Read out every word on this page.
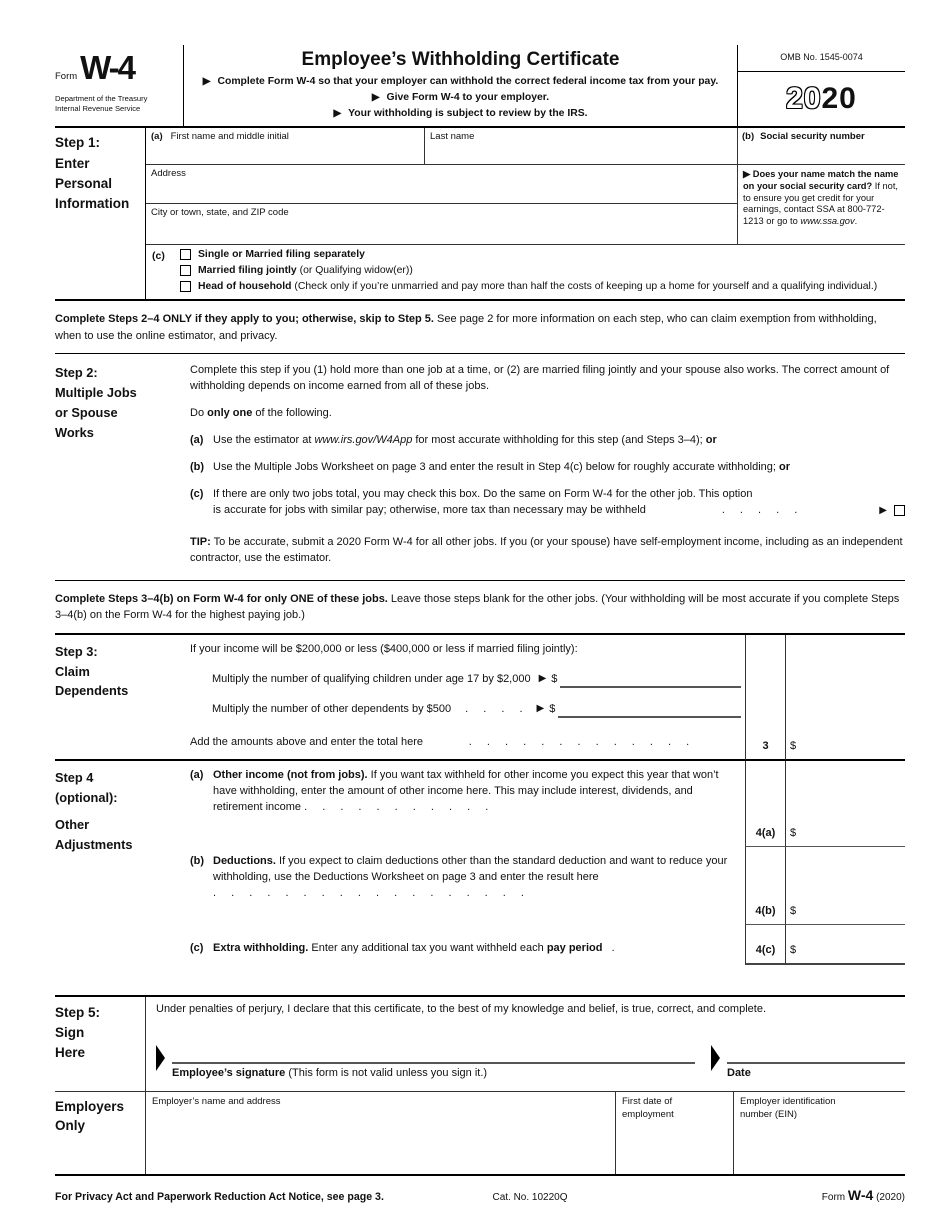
Form W-4
Department of the Treasury
Internal Revenue Service
Employee’s Withholding Certificate
▶ Complete Form W-4 so that your employer can withhold the correct federal income tax from your pay.
▶ Give Form W-4 to your employer.
▶ Your withholding is subject to review by the IRS.
OMB No. 1545-0074
20 20
Step 1:
Enter
Personal
Information
(a) First name and middle initial	Last name
Address
City or town, state, and ZIP code
(b) Social security number
▶ Does your name match the name on your social security card? If not, to ensure you get credit for your earnings, contact SSA at 800-772-1213 or go to www.ssa.gov.
(c)	Single or Married filing separately
Married filing jointly (or Qualifying widow(er))
Head of household (Check only if you’re unmarried and pay more than half the costs of keeping up a home for yourself and a qualifying individual.)
Complete Steps 2–4 ONLY if they apply to you; otherwise, skip to Step 5. See page 2 for more information on each step, who can claim exemption from withholding, when to use the online estimator, and privacy.
Step 2:
Multiple Jobs
or Spouse
Works

Complete this step if you (1) hold more than one job at a time, or (2) are married filing jointly and your spouse also works. The correct amount of withholding depends on income earned from all of these jobs.

Do only one of the following.

(a) Use the estimator at www.irs.gov/W4App for most accurate withholding for this step (and Steps 3–4); or
(b) Use the Multiple Jobs Worksheet on page 3 and enter the result in Step 4(c) below for roughly accurate withholding; or
(c) If there are only two jobs total, you may check this box. Do the same on Form W-4 for the other job. This option
is accurate for jobs with similar pay; otherwise, more tax than necessary may be withheld	. . . . .	▶

TIP: To be accurate, submit a 2020 Form W-4 for all other jobs. If you (or your spouse) have self-employment income, including as an independent contractor, use the estimator.

Complete Steps 3–4(b) on Form W-4 for only ONE of these jobs. Leave those steps blank for the other jobs. (Your withholding will be most accurate if you complete Steps 3–4(b) on the Form W-4 for the highest paying job.)
Step 3:
Claim
Dependents
If your income will be $200,000 or less ($400,000 or less if married filing jointly):
Multiply the number of qualifying children under age 17 by $2,000 ▶ $
Multiply the number of other dependents by $500 . . . . ▶ $
Add the amounts above and enter the total here	. . . . . . . . . . . . .	3	$
Step 4
(optional):
Other
Adjustments
(a) Other income (not from jobs). If you want tax withheld for other income you expect this year that won’t have withholding, enter the amount of other income here. This may include interest, dividends, and retirement income . . . . . . . . . . .
4(a)	$
(b) Deductions. If you expect to claim deductions other than the standard deduction and want to reduce your withholding, use the Deductions Worksheet on page 3 and enter the result here . . . . . . . . . . . . . . . . . .
4(b)	$
(c) Extra withholding. Enter any additional tax you want withheld each pay period .	4(c)	$
Step 5:
Sign
Here

Under penalties of perjury, I declare that this certificate, to the best of my knowledge and belief, is true, correct, and complete.

Employee’s signature (This form is not valid unless you sign it.)	Date
Employers
Only
Employer’s name and address	First date of
employment
Employer identification
number (EIN)
For Privacy Act and Paperwork Reduction Act Notice, see page 3.	Cat. No. 10220Q	Form W-4 (2020)
